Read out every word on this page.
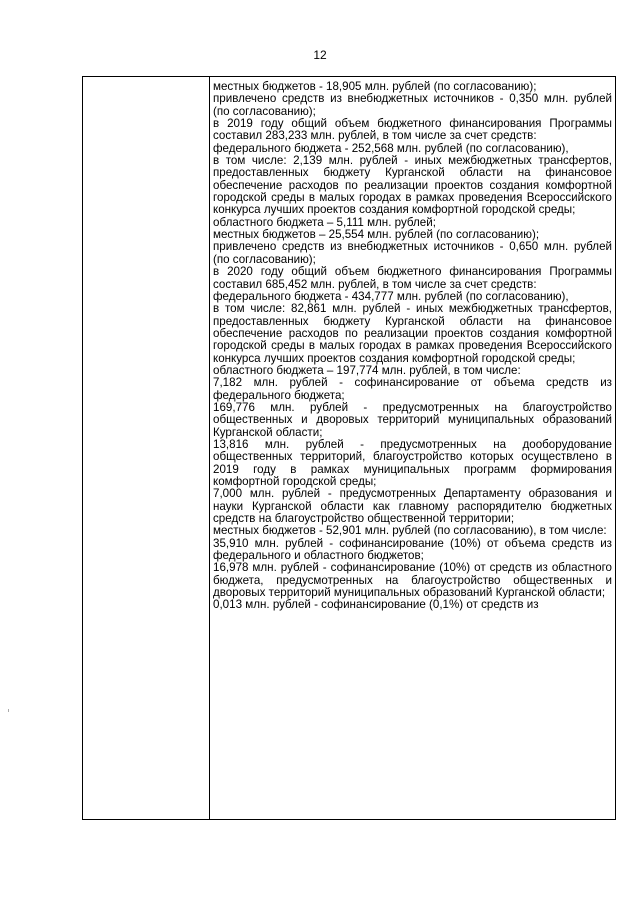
12

местных бюджетов - 18,905 млн. рублей (по согласованию);

привлечено средств из внебюджетных источников - 0,350 млн. рублей (по согласованию);

в 2019 году общий объем бюджетного финансирования Программы составил 283,233 млн. рублей, в том числе за счет средств:

федерального бюджета - 252,568 млн. рублей (по согласованию),

в том числе: 2,139 млн. рублей - иных межбюджетных трансфертов, предоставленных бюджету Курганской области на финансовое обеспечение расходов по реализации проектов создания комфортной городской среды в малых городах в рамках проведения Всероссийского конкурса лучших проектов создания комфортной городской среды;

областного бюджета – 5,111 млн. рублей;

местных бюджетов – 25,554 млн. рублей (по согласованию);

привлечено средств из внебюджетных источников - 0,650 млн. рублей (по согласованию);

в 2020 году общий объем бюджетного финансирования Программы составил 685,452 млн. рублей, в том числе за счет средств:

федерального бюджета - 434,777 млн. рублей (по согласованию),

в том числе: 82,861 млн. рублей - иных межбюджетных трансфертов, предоставленных бюджету Курганской области на финансовое обеспечение расходов по реализации проектов создания комфортной городской среды в малых городах в рамках проведения Всероссийского конкурса лучших проектов создания комфортной городской среды;

областного бюджета – 197,774 млн. рублей, в том числе:

7,182 млн. рублей - софинансирование от объема средств из федерального бюджета;

169,776 млн. рублей - предусмотренных на благоустройство общественных и дворовых территорий муниципальных образований Курганской области;

13,816 млн. рублей - предусмотренных на дооборудование общественных территорий, благоустройство которых осуществлено в 2019 году в рамках муниципальных программ формирования комфортной городской среды;

7,000 млн. рублей - предусмотренных Департаменту образования и науки Курганской области как главному распорядителю бюджетных средств на благоустройство общественной территории;

местных бюджетов - 52,901 млн. рублей (по согласованию), в том числе:

35,910 млн. рублей - софинансирование (10%) от объема средств из федерального и областного бюджетов;

16,978 млн. рублей - софинансирование (10%) от средств из областного бюджета, предусмотренных на благоустройство общественных и дворовых территорий муниципальных образований Курганской области;

0,013 млн. рублей - софинансирование (0,1%) от средств из
